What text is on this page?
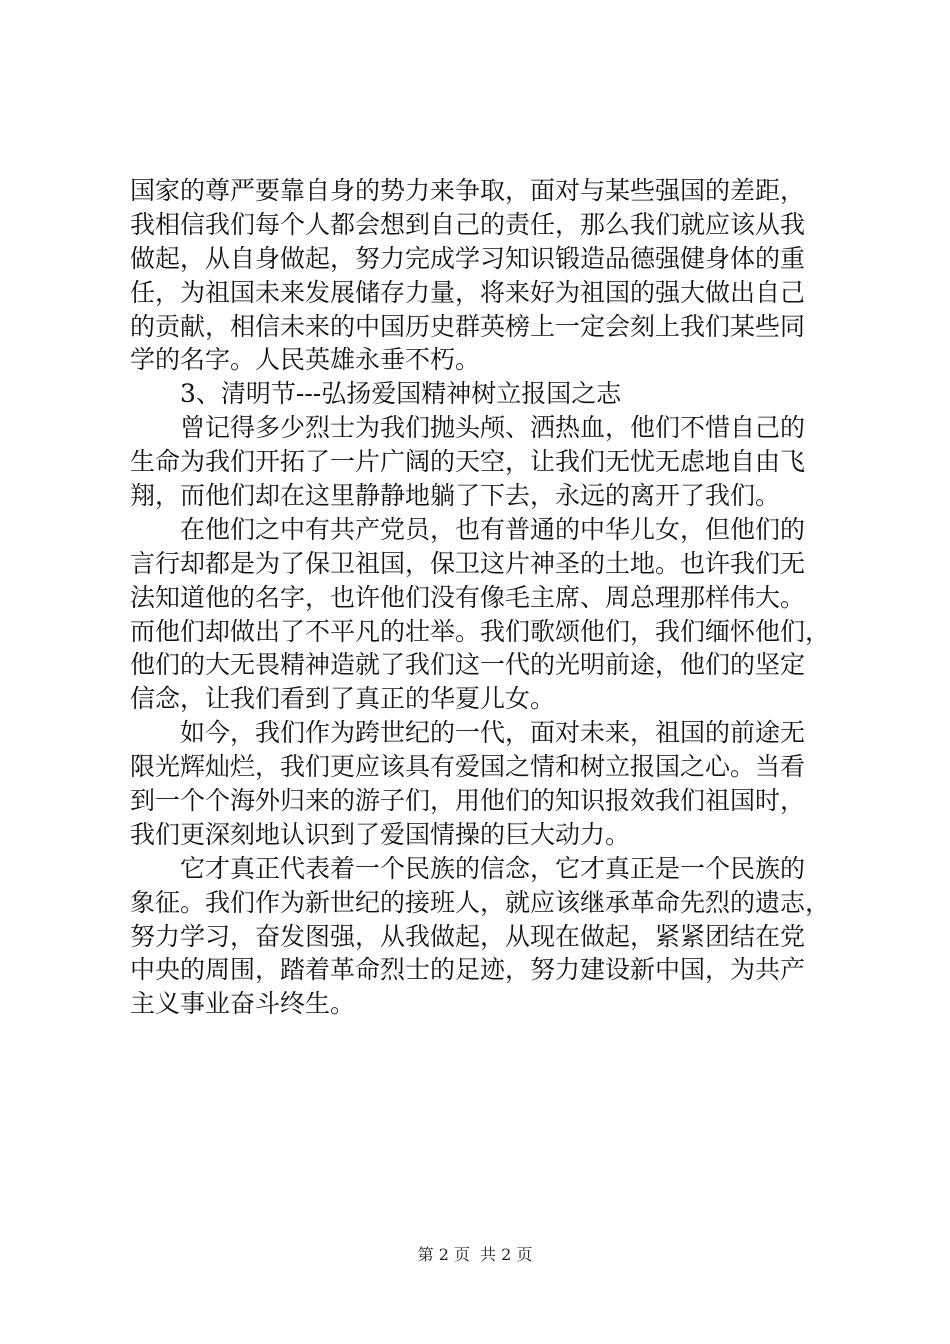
国家的尊严要靠自身的势力来争取，面对与某些强国的差距，
我相信我们每个人都会想到自己的责任，那么我们就应该从我
做起，从自身做起，努力完成学习知识锻造品德强健身体的重
任，为祖国未来发展储存力量，将来好为祖国的强大做出自己
的贡献，相信未来的中国历史群英榜上一定会刻上我们某些同
学的名字。人民英雄永垂不朽。
3、清明节---弘扬爱国精神树立报国之志
曾记得多少烈士为我们抛头颅、洒热血，他们不惜自己的
生命为我们开拓了一片广阔的天空，让我们无忧无虑地自由飞
翔，而他们却在这里静静地躺了下去，永远的离开了我们。
在他们之中有共产党员，也有普通的中华儿女，但他们的
言行却都是为了保卫祖国，保卫这片神圣的土地。也许我们无
法知道他的名字，也许他们没有像毛主席、周总理那样伟大。
而他们却做出了不平凡的壮举。我们歌颂他们，我们缅怀他们，
他们的大无畏精神造就了我们这一代的光明前途，他们的坚定
信念，让我们看到了真正的华夏儿女。
如今，我们作为跨世纪的一代，面对未来，祖国的前途无
限光辉灿烂，我们更应该具有爱国之情和树立报国之心。当看
到一个个海外归来的游子们，用他们的知识报效我们祖国时，
我们更深刻地认识到了爱国情操的巨大动力。
它才真正代表着一个民族的信念，它才真正是一个民族的
象征。我们作为新世纪的接班人，就应该继承革命先烈的遗志，
努力学习，奋发图强，从我做起，从现在做起，紧紧团结在党
中央的周围，踏着革命烈士的足迹，努力建设新中国，为共产
主义事业奋斗终生。
第 2 页 共 2 页
